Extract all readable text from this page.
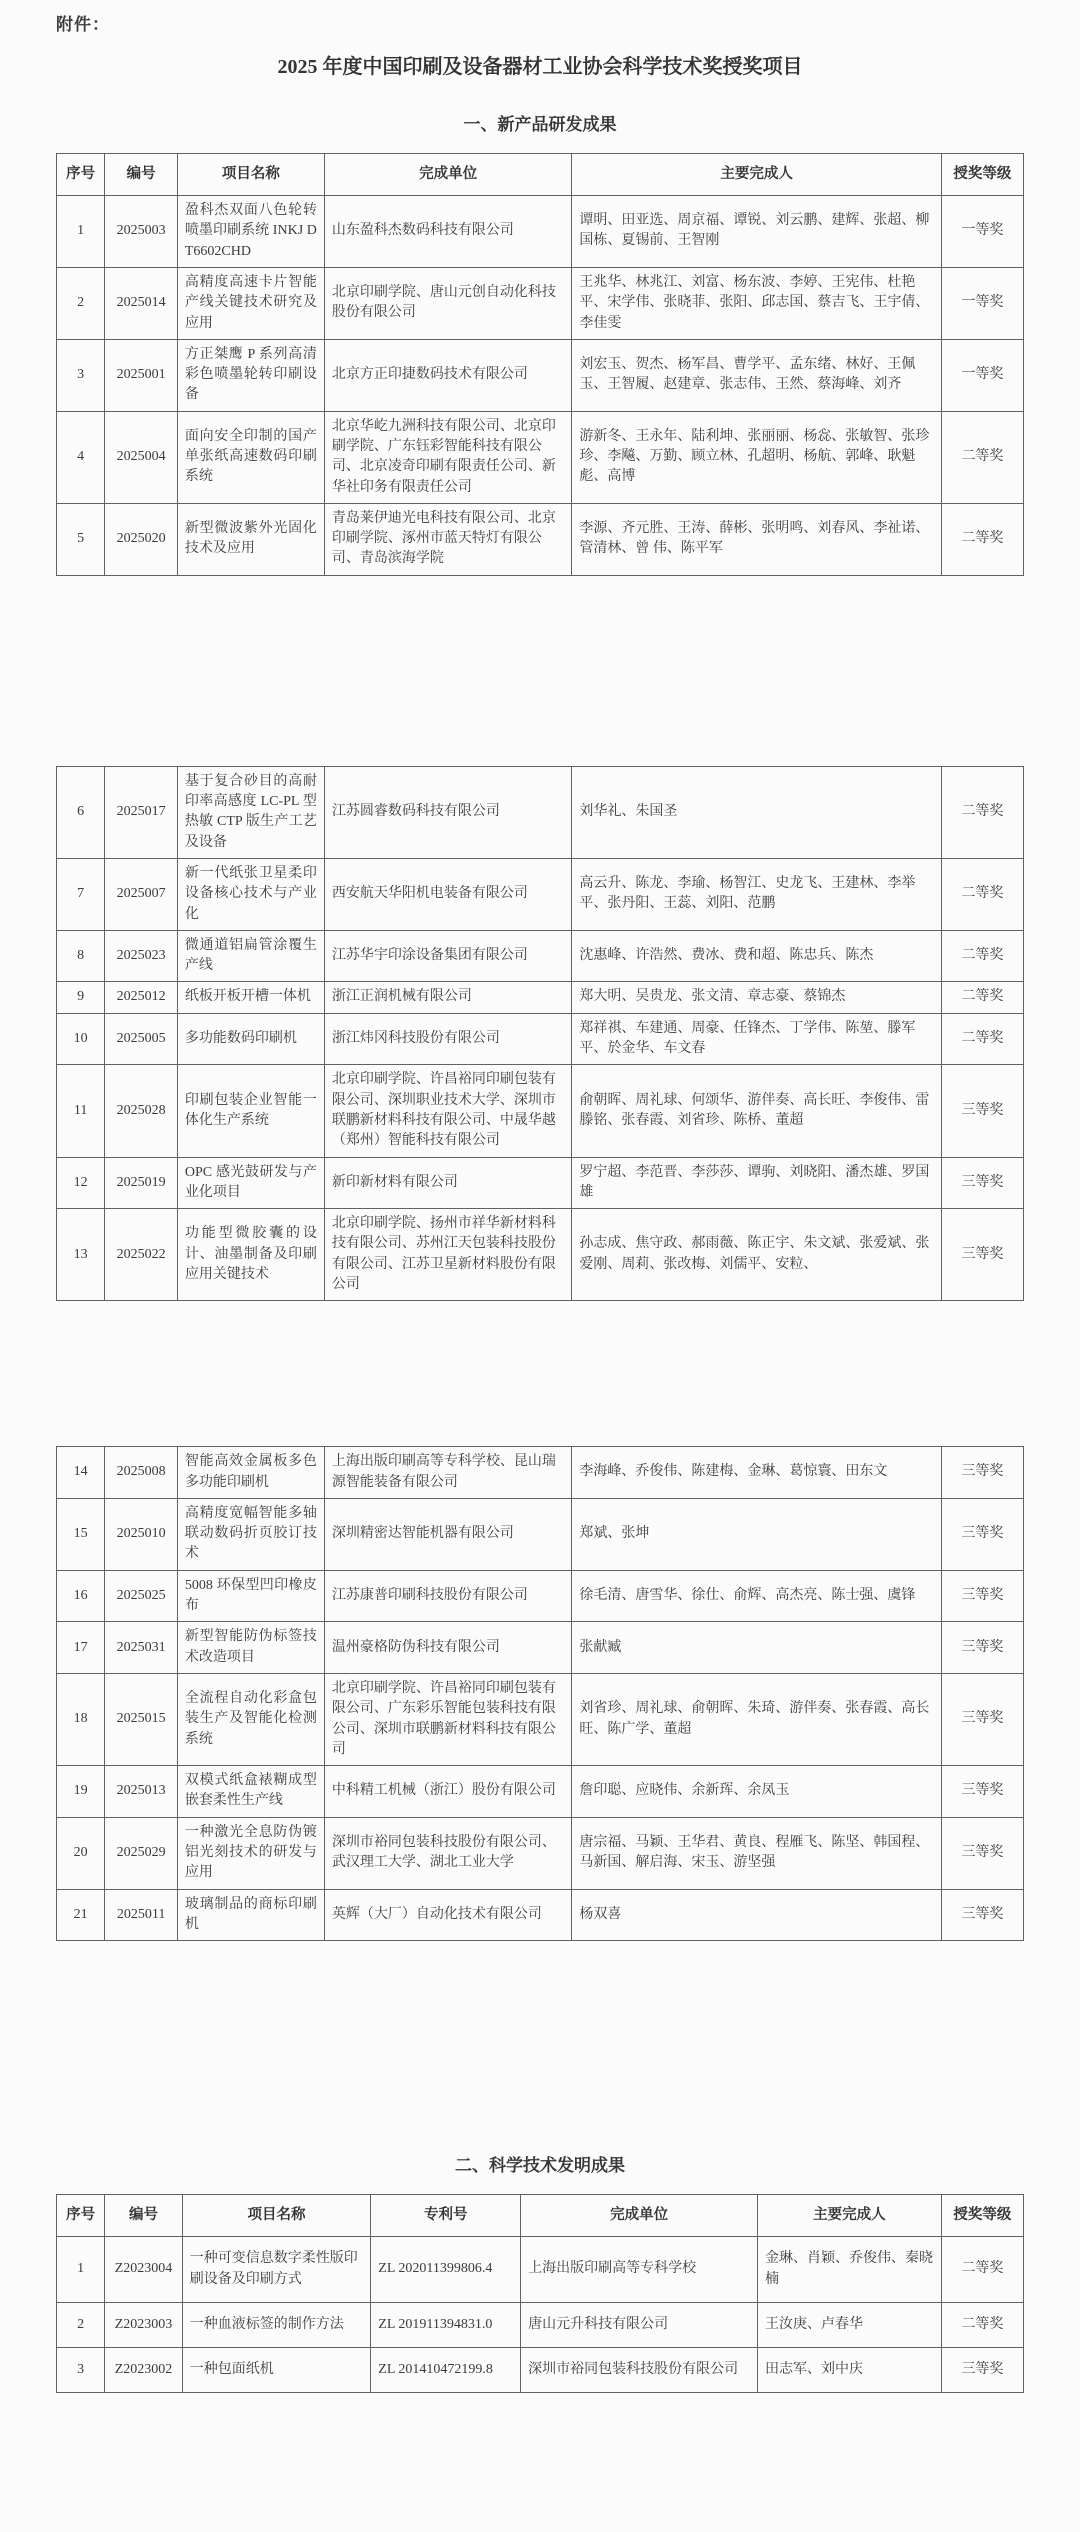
附件：
2025 年度中国印刷及设备器材工业协会科学技术奖授奖项目
一、新产品研发成果
序号	编号	项目名称	完成单位	主要完成人	授奖等级
1	2025003	盈科杰双面八色轮转喷墨印刷系统 INKJ DT6602CHD	山东盈科杰数码科技有限公司	谭明、田亚选、周京福、谭锐、刘云鹏、建辉、张超、柳国栋、夏锡前、王智刚	一等奖
2	2025014	高精度高速卡片智能产线关键技术研究及应用	北京印刷学院、唐山元创自动化科技股份有限公司	王兆华、林兆江、刘富、杨东波、李婷、王宪伟、杜艳平、宋学伟、张晓菲、张阳、邱志国、蔡吉飞、王宇倩、李佳雯	一等奖
3	2025001	方正桀鹰 P 系列高清彩色喷墨轮转印刷设备	北京方正印捷数码技术有限公司	刘宏玉、贺杰、杨军昌、曹学平、孟东绪、林好、王佩玉、王智履、赵建章、张志伟、王然、蔡海峰、刘齐	一等奖
4	2025004	面向安全印制的国产单张纸高速数码印刷系统	北京华屹九洲科技有限公司、北京印刷学院、广东钰彩智能科技有限公司、北京凌奇印刷有限责任公司、新华社印务有限责任公司	游新冬、王永年、陆利坤、张丽丽、杨惢、张敏智、张珍珍、李飚、万勤、顾立林、孔超明、杨航、郭峰、耿魁彪、高博	二等奖
5	2025020	新型微波紫外光固化技术及应用	青岛莱伊迪光电科技有限公司、北京印刷学院、涿州市蓝天特灯有限公司、青岛滨海学院	李源、齐元胜、王涛、薛彬、张明鸣、刘春风、李祉诺、管清林、曾 伟、陈平军	二等奖
6	2025017	基于复合砂目的高耐印率高感度 LC-PL 型热敏 CTP 版生产工艺及设备	江苏圆睿数码科技有限公司	刘华礼、朱国圣	二等奖
7	2025007	新一代纸张卫星柔印设备核心技术与产业化	西安航天华阳机电装备有限公司	高云升、陈龙、李瑜、杨智江、史龙飞、王建林、李举平、张丹阳、王蕊、刘阳、范鹏	二等奖
8	2025023	微通道铝扁管涂覆生产线	江苏华宇印涂设备集团有限公司	沈惠峰、许浩然、费冰、费和超、陈忠兵、陈杰	二等奖
9	2025012	纸板开板开槽一体机	浙江正润机械有限公司	郑大明、吴贵龙、张文清、章志豪、蔡锦杰	二等奖
10	2025005	多功能数码印刷机	浙江炜冈科技股份有限公司	郑祥祺、车建通、周豪、任锋杰、丁学伟、陈堃、滕军平、於金华、车文春	二等奖
11	2025028	印刷包装企业智能一体化生产系统	北京印刷学院、许昌裕同印刷包装有限公司、深圳职业技术大学、深圳市联鹏新材料科技有限公司、中晟华越（郑州）智能科技有限公司	俞朝晖、周礼球、何颂华、游伴奏、高长旺、李俊伟、雷滕铭、张春霞、刘省珍、陈桥、董超	三等奖
12	2025019	OPC 感光鼓研发与产业化项目	新印新材料有限公司	罗宁超、李范晋、李莎莎、谭驹、刘晓阳、潘杰雄、罗国雄	三等奖
13	2025022	功能型微胶囊的设计、油墨制备及印刷应用关键技术	北京印刷学院、扬州市祥华新材料科技有限公司、苏州江天包装科技股份有限公司、江苏卫星新材料股份有限公司	孙志成、焦守政、郝雨薇、陈正宇、朱文斌、张爱斌、张爱刚、周莉、张改梅、刘儒平、安粒、	三等奖
14	2025008	智能高效金属板多色多功能印刷机	上海出版印刷高等专科学校、昆山瑞源智能装备有限公司	李海峰、乔俊伟、陈建梅、金琳、葛惊寰、田东文	三等奖
15	2025010	高精度宽幅智能多轴联动数码折页胶订技术	深圳精密达智能机器有限公司	郑斌、张坤	三等奖
16	2025025	5008 环保型凹印橡皮布	江苏康普印刷科技股份有限公司	徐毛清、唐雪华、徐仕、俞辉、高杰亮、陈士强、虞锋	三等奖
17	2025031	新型智能防伪标签技术改造项目	温州豪格防伪科技有限公司	张献臧	三等奖
18	2025015	全流程自动化彩盒包装生产及智能化检测系统	北京印刷学院、许昌裕同印刷包装有限公司、广东彩乐智能包装科技有限公司、深圳市联鹏新材料科技有限公司	刘省珍、周礼球、俞朝晖、朱琦、游伴奏、张春霞、高长旺、陈广学、董超	三等奖
19	2025013	双模式纸盒裱糊成型嵌套柔性生产线	中科精工机械（浙江）股份有限公司	詹印聪、应晓伟、余新珲、余凤玉	三等奖
20	2025029	一种激光全息防伪镀铝光刻技术的研发与应用	深圳市裕同包装科技股份有限公司、武汉理工大学、湖北工业大学	唐宗福、马颖、王华君、黄良、程雁飞、陈坚、韩国程、马新国、解启海、宋玉、游坚强	三等奖
21	2025011	玻璃制品的商标印刷机	英辉（大厂）自动化技术有限公司	杨双喜	三等奖
二、科学技术发明成果
序号	编号	项目名称	专利号	完成单位	主要完成人	授奖等级
1	Z2023004	一种可变信息数字柔性版印刷设备及印刷方式	ZL 202011399806.4	上海出版印刷高等专科学校	金琳、肖颖、乔俊伟、秦晓楠	二等奖
2	Z2023003	一种血液标签的制作方法	ZL 201911394831.0	唐山元升科技有限公司	王汝庚、卢春华	二等奖
3	Z2023002	一种包面纸机	ZL 201410472199.8	深圳市裕同包装科技股份有限公司	田志军、刘中庆	三等奖
